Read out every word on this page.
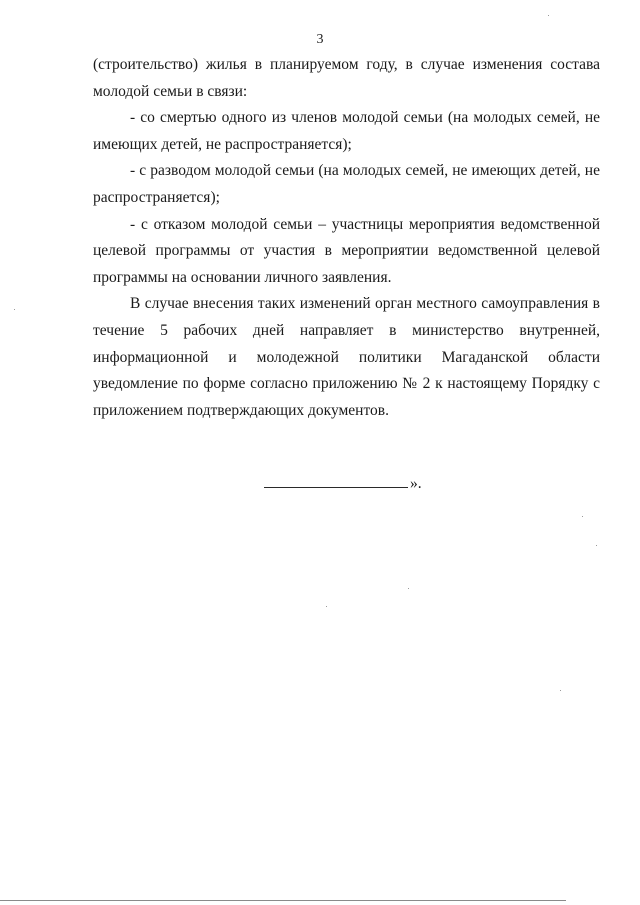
3

(строительство) жилья в планируемом году, в случае изменения состава молодой семьи в связи:

- со смертью одного из членов молодой семьи (на молодых семей, не имеющих детей, не распространяется);

- с разводом молодой семьи (на молодых семей, не имеющих детей, не распространяется);

- с отказом молодой семьи – участницы мероприятия ведомственной целевой программы от участия в мероприятии ведомственной целевой программы на основании личного заявления.

В случае внесения таких изменений орган местного самоуправления в течение 5 рабочих дней направляет в министерство внутренней, информационной и молодежной политики Магаданской области уведомление по форме согласно приложению № 2 к настоящему Порядку с приложением подтверждающих документов.

».
